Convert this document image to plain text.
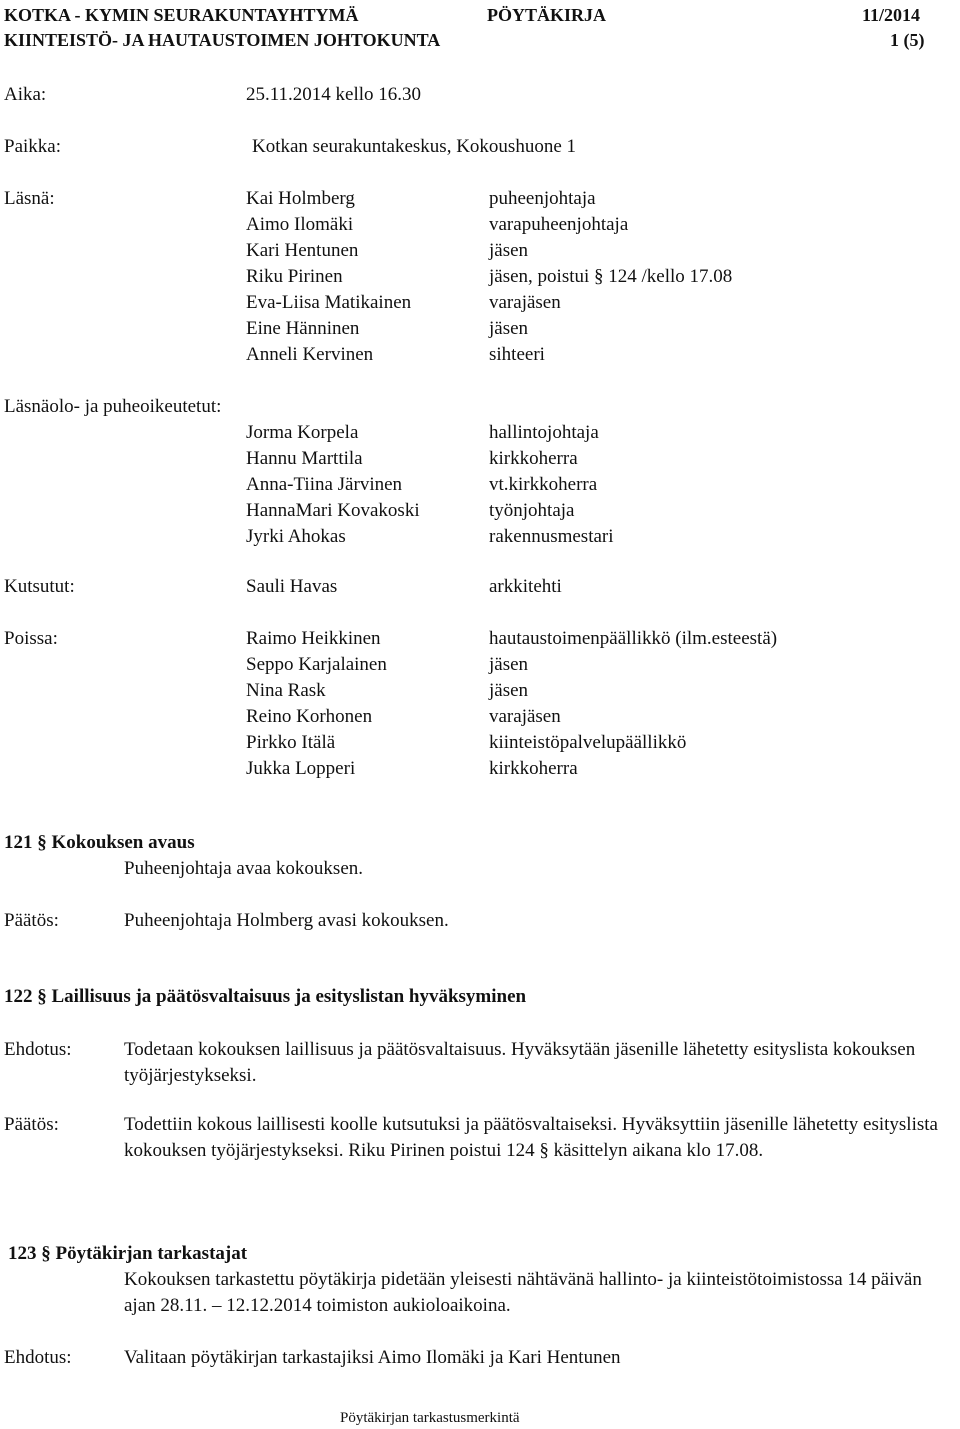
KOTKA - KYMIN SEURAKUNTAYHTYMÄ	PÖYTÄKIRJA	11/2014
KIINTEISTÖ- JA HAUTAUSTOIMEN JOHTOKUNTA	1 (5)
Aika:	25.11.2014 kello 16.30
Paikka:	Kotkan seurakuntakeskus, Kokoushuone 1
Läsnä:	Kai Holmberg	puheenjohtaja
Aimo Ilomäki	varapuheenjohtaja
Kari Hentunen	jäsen
Riku Pirinen	jäsen, poistui § 124 /kello 17.08
Eva-Liisa Matikainen	varajäsen
Eine Hänninen	jäsen
Anneli Kervinen	sihteeri
Läsnäolo- ja puheoikeutetut:
Jorma Korpela	hallintojohtaja
Hannu Marttila	kirkkoherra
Anna-Tiina Järvinen	vt.kirkkoherra
HannaMari Kovakoski	työnjohtaja
Jyrki Ahokas	rakennusmestari
Kutsutut:	Sauli Havas	arkkitehti
Poissa:	Raimo Heikkinen	hautaustoimenpäällikkö (ilm.esteestä)
Seppo Karjalainen	jäsen
Nina Rask	jäsen
Reino Korhonen	varajäsen
Pirkko Itälä	kiinteistöpalvelupäällikkö
Jukka Lopperi	kirkkoherra
121 § Kokouksen avaus
Puheenjohtaja avaa kokouksen.
Päätös:	Puheenjohtaja Holmberg avasi kokouksen.
122 § Laillisuus ja päätösvaltaisuus ja esityslistan hyväksyminen
Ehdotus:	Todetaan kokouksen laillisuus ja päätösvaltaisuus. Hyväksytään jäsenille lähetetty esityslista kokouksen työjärjestykseksi.
Päätös:	Todettiin kokous laillisesti koolle kutsutuksi ja päätösvaltaiseksi. Hyväksyttiin jäsenille lähetetty esityslista kokouksen työjärjestykseksi. Riku Pirinen poistui 124 § käsittelyn aikana klo 17.08.
123 § Pöytäkirjan tarkastajat
Kokouksen tarkastettu pöytäkirja pidetään yleisesti nähtävänä hallinto- ja kiinteistötoimistossa 14 päivän ajan 28.11. – 12.12.2014 toimiston aukioloaikoina.
Ehdotus:	Valitaan pöytäkirjan tarkastajiksi Aimo Ilomäki ja Kari Hentunen
Pöytäkirjan tarkastusmerkintä
